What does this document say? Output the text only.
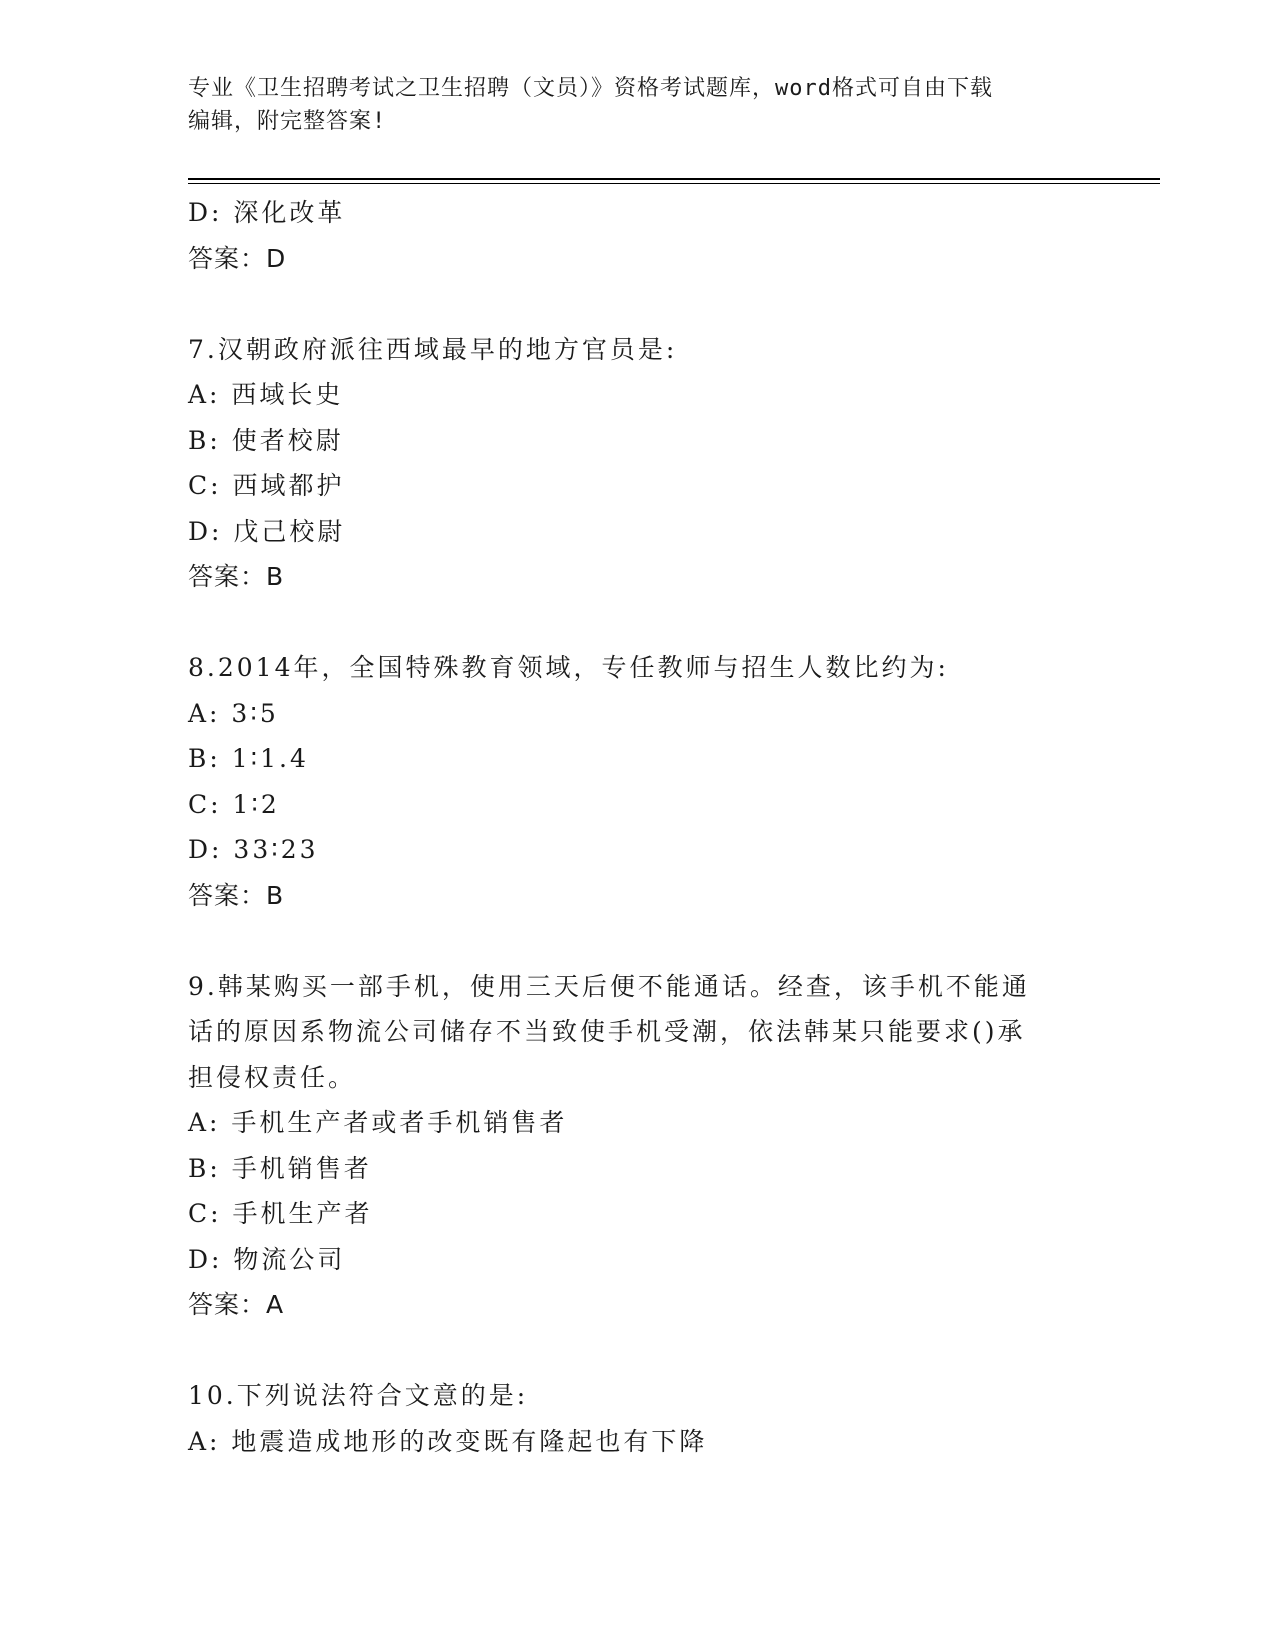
专业《卫生招聘考试之卫生招聘（文员）》资格考试题库，word格式可自由下载
编辑，附完整答案!
D: 深化改革
答案：D
7.汉朝政府派往西域最早的地方官员是:
A: 西域长史
B: 使者校尉
C: 西域都护
D: 戊己校尉
答案：B
8.2014年，全国特殊教育领域，专任教师与招生人数比约为:
A: 3∶5
B: 1∶1.4
C: 1∶2
D: 33∶23
答案：B
9.韩某购买一部手机，使用三天后便不能通话。经查，该手机不能通
话的原因系物流公司储存不当致使手机受潮，依法韩某只能要求()承
担侵权责任。
A: 手机生产者或者手机销售者
B: 手机销售者
C: 手机生产者
D: 物流公司
答案：A
10.下列说法符合文意的是:
A: 地震造成地形的改变既有隆起也有下降
